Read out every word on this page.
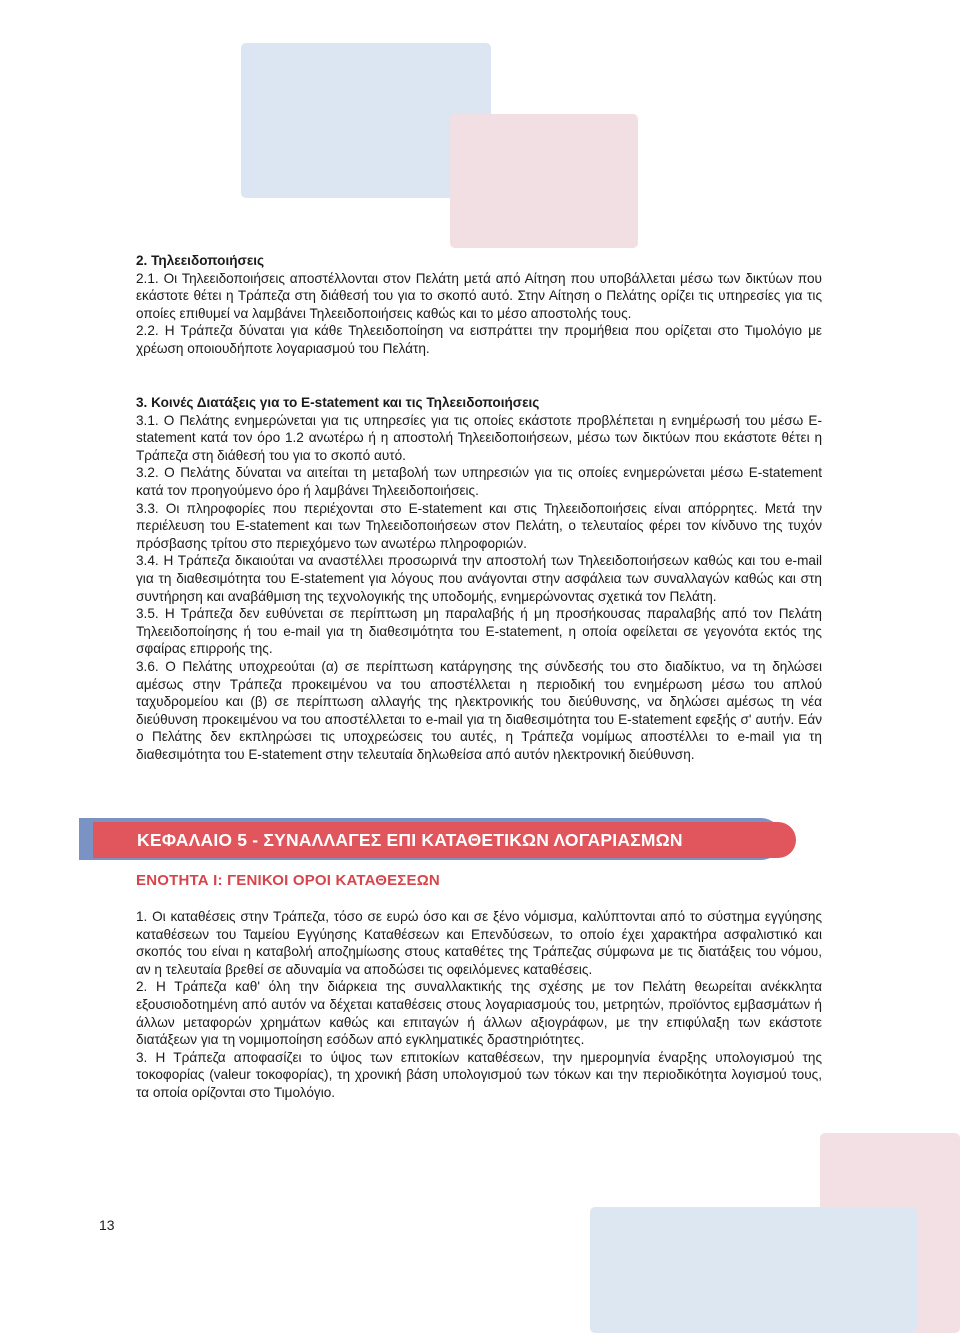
2. Τηλεειδοποιήσεις

2.1. Οι Τηλεειδοποιήσεις αποστέλλονται στον Πελάτη μετά από Αίτηση που υποβάλλεται μέσω των δικτύων που εκάστοτε θέτει η Τράπεζα στη διάθεσή του για το σκοπό αυτό. Στην Αίτηση ο Πελάτης ορίζει τις υπηρεσίες για τις οποίες επιθυμεί να λαμβάνει Τηλεειδοποιήσεις καθώς και το μέσο αποστολής τους.

2.2. Η Τράπεζα δύναται για κάθε Τηλεειδοποίηση να εισπράττει την προμήθεια που ορίζεται στο Τιμολόγιο με χρέωση οποιουδήποτε λογαριασμού του Πελάτη.

3. Κοινές Διατάξεις για το E-statement και τις Τηλεειδοποιήσεις

3.1. Ο Πελάτης ενημερώνεται για τις υπηρεσίες για τις οποίες εκάστοτε προβλέπεται η ενημέρωσή του μέσω E-statement κατά τον όρο 1.2 ανωτέρω ή η αποστολή Τηλεειδοποιήσεων, μέσω των δικτύων που εκάστοτε θέτει η Τράπεζα στη διάθεσή του για το σκοπό αυτό.

3.2. Ο Πελάτης δύναται να αιτείται τη μεταβολή των υπηρεσιών για τις οποίες ενημερώνεται μέσω E-statement κατά τον προηγούμενο όρο ή λαμβάνει Τηλεειδοποιήσεις.

3.3. Οι πληροφορίες που περιέχονται στο E-statement και στις Τηλεειδοποιήσεις είναι απόρρητες. Μετά την περιέλευση του E-statement και των Τηλεειδοποιήσεων στον Πελάτη, ο τελευταίος φέρει τον κίνδυνο της τυχόν πρόσβασης τρίτου στο περιεχόμενο των ανωτέρω πληροφοριών.

3.4. Η Τράπεζα δικαιούται να αναστέλλει προσωρινά την αποστολή των Τηλεειδοποιήσεων καθώς και του e-mail για τη διαθεσιμότητα του E-statement για λόγους που ανάγονται στην ασφάλεια των συναλλαγών καθώς και στη συντήρηση και αναβάθμιση της τεχνολογικής της υποδομής, ενημερώνοντας σχετικά τον Πελάτη.

3.5. Η Τράπεζα δεν ευθύνεται σε περίπτωση μη παραλαβής ή μη προσήκουσας παραλαβής από τον Πελάτη Τηλεειδοποίησης ή του e-mail για τη διαθεσιμότητα του E-statement, η οποία οφείλεται σε γεγονότα εκτός της σφαίρας επιρροής της.

3.6. Ο Πελάτης υποχρεούται (α) σε περίπτωση κατάργησης της σύνδεσής του στο διαδίκτυο, να τη δηλώσει αμέσως στην Τράπεζα προκειμένου να του αποστέλλεται η περιοδική του ενημέρωση μέσω του απλού ταχυδρομείου και (β) σε περίπτωση αλλαγής της ηλεκτρονικής του διεύθυνσης, να δηλώσει αμέσως τη νέα διεύθυνση προκειμένου να του αποστέλλεται το e-mail για τη διαθεσιμότητα του E-statement εφεξής σ' αυτήν. Εάν ο Πελάτης δεν εκπληρώσει τις υποχρεώσεις του αυτές, η Τράπεζα νομίμως αποστέλλει το e-mail για τη διαθεσιμότητα του E-statement στην τελευταία δηλωθείσα από αυτόν ηλεκτρονική διεύθυνση.

ΚΕΦΑΛΑΙΟ 5 - ΣΥΝΑΛΛΑΓΕΣ ΕΠΙ ΚΑΤΑΘΕΤΙΚΩΝ ΛΟΓΑΡΙΑΣΜΩΝ
ΕΝΟΤΗΤΑ Ι: ΓΕΝΙΚΟΙ ΟΡΟΙ ΚΑΤΑΘΕΣΕΩΝ

1. Οι καταθέσεις στην Τράπεζα, τόσο σε ευρώ όσο και σε ξένο νόμισμα, καλύπτονται από το σύστημα εγγύησης καταθέσεων του Ταμείου Εγγύησης Καταθέσεων και Επενδύσεων, το οποίο έχει χαρακτήρα ασφαλιστικό και σκοπός του είναι η καταβολή αποζημίωσης στους καταθέτες της Τράπεζας σύμφωνα με τις διατάξεις του νόμου, αν η τελευταία βρεθεί σε αδυναμία να αποδώσει τις οφειλόμενες καταθέσεις.

2. Η Τράπεζα καθ' όλη την διάρκεια της συναλλακτικής της σχέσης με τον Πελάτη θεωρείται ανέκκλητα εξουσιοδοτημένη από αυτόν να δέχεται καταθέσεις στους λογαριασμούς του, μετρητών, προϊόντος εμβασμάτων ή άλλων μεταφορών χρημάτων καθώς και επιταγών ή άλλων αξιογράφων, με την επιφύλαξη των εκάστοτε διατάξεων για τη νομιμοποίηση εσόδων από εγκληματικές δραστηριότητες.

3. Η Τράπεζα αποφασίζει το ύψος των επιτοκίων καταθέσεων, την ημερομηνία έναρξης υπολογισμού της τοκοφορίας (valeur τοκοφορίας), τη χρονική βάση υπολογισμού των τόκων και την περιοδικότητα λογισμού τους, τα οποία ορίζονται στο Τιμολόγιο.

13
